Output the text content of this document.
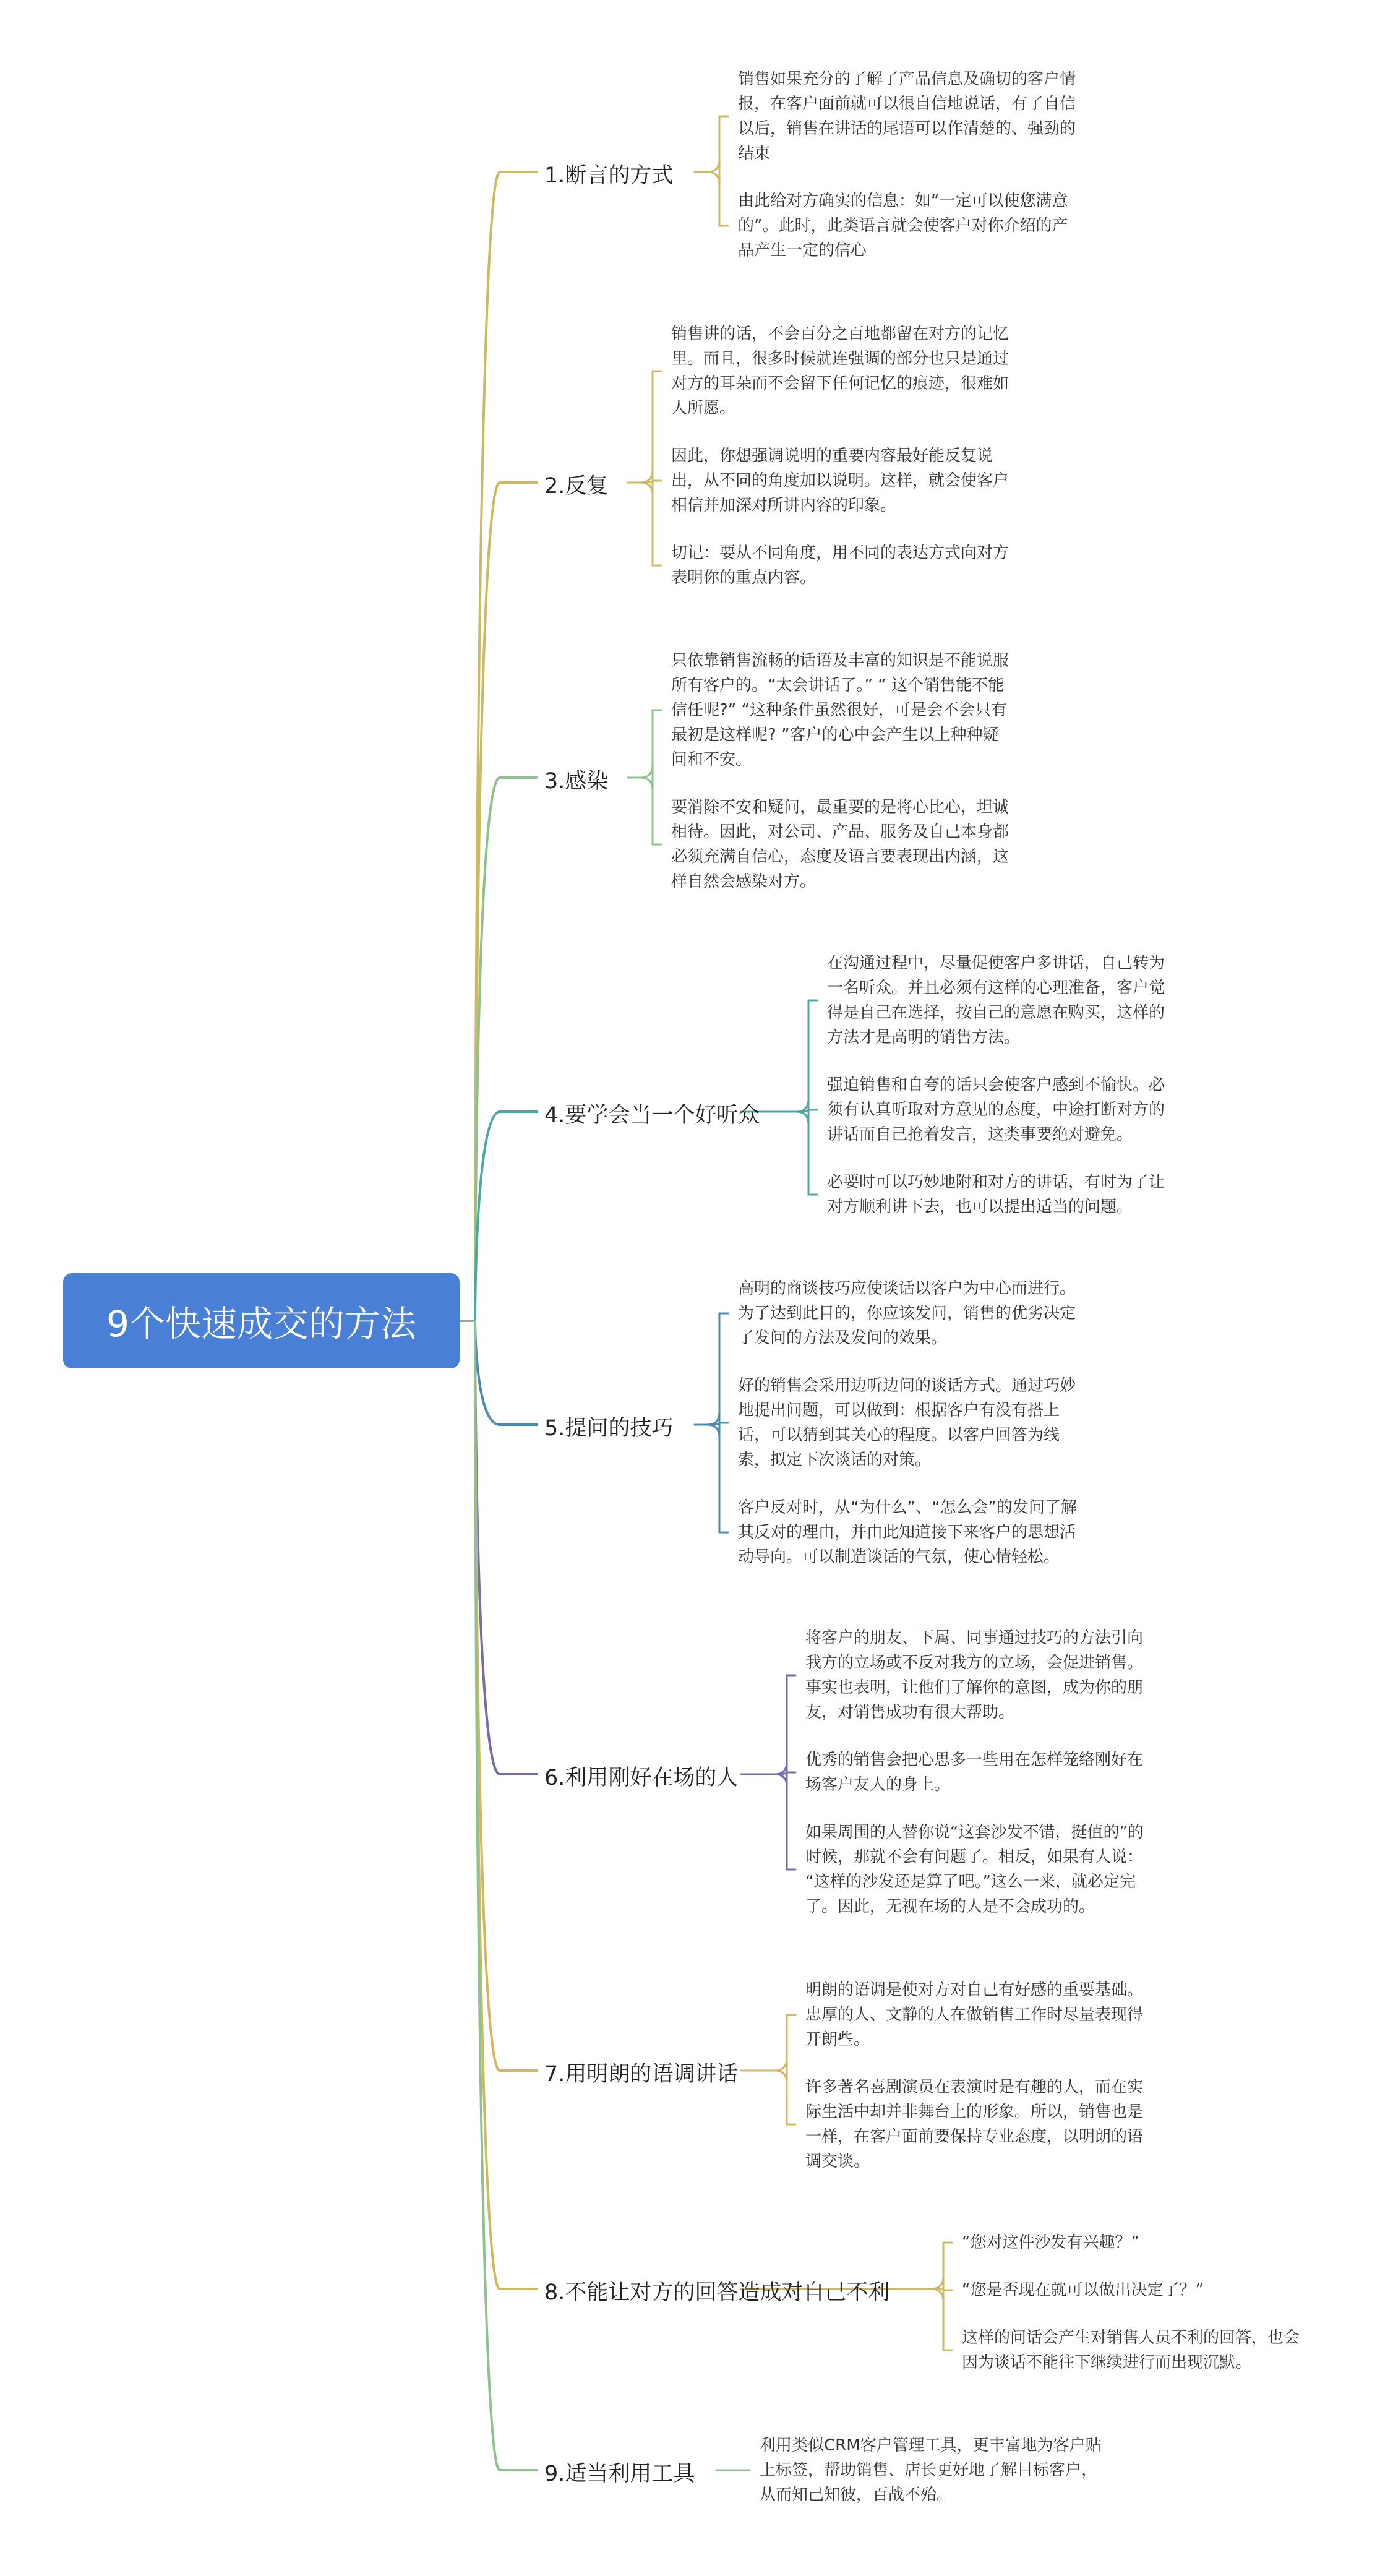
9个快速成交的方法
1.断言的方式
销售如果充分的了解了产品信息及确切的客户情
报，在客户面前就可以很自信地说话，有了自信
以后，销售在讲话的尾语可以作清楚的、强劲的
结束
由此给对方确实的信息：如“一定可以使您满意
的”。此时，此类语言就会使客户对你介绍的产
品产生一定的信心
2.反复
销售讲的话，不会百分之百地都留在对方的记忆
里。而且，很多时候就连强调的部分也只是通过
对方的耳朵而不会留下任何记忆的痕迹，很难如
人所愿。
因此，你想强调说明的重要内容最好能反复说
出，从不同的角度加以说明。这样，就会使客户
相信并加深对所讲内容的印象。
切记：要从不同角度，用不同的表达方式向对方
表明你的重点内容。
3.感染
只依靠销售流畅的话语及丰富的知识是不能说服
所有客户的。“太会讲话了。” “ 这个销售能不能
信任呢?” “这种条件虽然很好，可是会不会只有
最初是这样呢? ”客户的心中会产生以上种种疑
问和不安。
要消除不安和疑问，最重要的是将心比心，坦诚
相待。因此，对公司、产品、服务及自己本身都
必须充满自信心，态度及语言要表现出内涵，这
样自然会感染对方。
4.要学会当一个好听众
在沟通过程中，尽量促使客户多讲话，自己转为
一名听众。并且必须有这样的心理准备，客户觉
得是自己在选择，按自己的意愿在购买，这样的
方法才是高明的销售方法。
强迫销售和自夸的话只会使客户感到不愉快。必
须有认真听取对方意见的态度，中途打断对方的
讲话而自己抢着发言，这类事要绝对避免。
必要时可以巧妙地附和对方的讲话，有时为了让
对方顺利讲下去，也可以提出适当的问题。
5.提问的技巧
高明的商谈技巧应使谈话以客户为中心而进行。
为了达到此目的，你应该发问，销售的优劣决定
了发问的方法及发问的效果。
好的销售会采用边听边问的谈话方式。通过巧妙
地提出问题，可以做到：根据客户有没有搭上
话，可以猜到其关心的程度。以客户回答为线
索，拟定下次谈话的对策。
客户反对时，从“为什么”、“怎么会”的发问了解
其反对的理由，并由此知道接下来客户的思想活
动导向。可以制造谈话的气氛，使心情轻松。
6.利用刚好在场的人
将客户的朋友、下属、同事通过技巧的方法引向
我方的立场或不反对我方的立场，会促进销售。
事实也表明，让他们了解你的意图，成为你的朋
友，对销售成功有很大帮助。
优秀的销售会把心思多一些用在怎样笼络刚好在
场客户友人的身上。
如果周围的人替你说“这套沙发不错，挺值的”的
时候，那就不会有问题了。相反，如果有人说：
“这样的沙发还是算了吧。”这么一来，就必定完
了。因此，无视在场的人是不会成功的。
7.用明朗的语调讲话
明朗的语调是使对方对自己有好感的重要基础。
忠厚的人、文静的人在做销售工作时尽量表现得
开朗些。
许多著名喜剧演员在表演时是有趣的人，而在实
际生活中却并非舞台上的形象。所以，销售也是
一样，在客户面前要保持专业态度，以明朗的语
调交谈。
8.不能让对方的回答造成对自己不利
“您对这件沙发有兴趣？”
“您是否现在就可以做出决定了？”
这样的问话会产生对销售人员不利的回答，也会
因为谈话不能往下继续进行而出现沉默。
9.适当利用工具
利用类似CRM客户管理工具，更丰富地为客户贴
上标签，帮助销售、店长更好地了解目标客户，
从而知己知彼，百战不殆。
